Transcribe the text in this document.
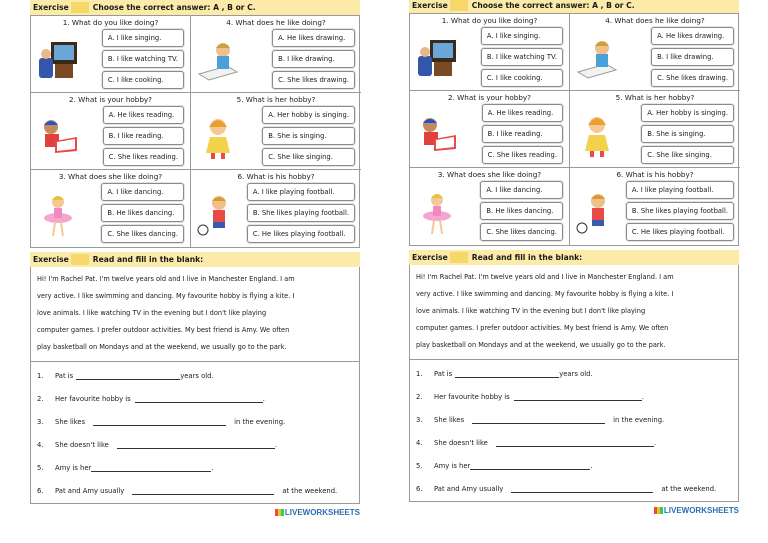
Exercise	Choose the correct answer: A , B or C.
1. What do you like doing?
A. I like singing.
B. I like watching TV.
C. I like cooking.
4. What does he like doing?
A. He likes drawing.
B. I like drawing.
C. She likes drawing.
2. What is your hobby?
A. He likes reading.
B. I like reading.
C. She likes reading.
5. What is her hobby?
A. Her hobby is singing.
B. She is singing.
C. She like singing.
3. What does she like doing?
A. I like dancing.
B. He likes dancing.
C. She likes dancing.
6. What is his hobby?
A. I like playing football.
B. She likes playing football.
C. He likes playing football.
Exercise	Read and fill in the blank:
Hi! I'm Rachel Pat. I'm twelve years old and I live in Manchester England. I am
very active. I like swimming and dancing. My favourite hobby is flying a kite. I
love animals. I like watching TV in the evening but I don't like playing
computer games. I prefer outdoor activities. My best friend is Amy. We often
play basketball on Mondays and at the weekend, we usually go to the park.
1.	Pat is	years old.
2.	Her favourite hobby is	.
3.	She likes	in the evening.
4.	She doesn't like	.
5.	Amy is her	.
6.	Pat and Amy usually	at the weekend.
LIVEWORKSHEETS
Exercise	Choose the correct answer: A , B or C.
1. What do you like doing?
A. I like singing.
B. I like watching TV.
C. I like cooking.
4. What does he like doing?
A. He likes drawing.
B. I like drawing.
C. She likes drawing.
2. What is your hobby?
A. He likes reading.
B. I like reading.
C. She likes reading.
5. What is her hobby?
A. Her hobby is singing.
B. She is singing.
C. She like singing.
3. What does she like doing?
A. I like dancing.
B. He likes dancing.
C. She likes dancing.
6. What is his hobby?
A. I like playing football.
B. She likes playing football.
C. He likes playing football.
Exercise	Read and fill in the blank:
Hi! I'm Rachel Pat. I'm twelve years old and I live in Manchester England. I am
very active. I like swimming and dancing. My favourite hobby is flying a kite. I
love animals. I like watching TV in the evening but I don't like playing
computer games. I prefer outdoor activities. My best friend is Amy. We often
play basketball on Mondays and at the weekend, we usually go to the park.
1.	Pat is	years old.
2.	Her favourite hobby is	.
3.	She likes	in the evening.
4.	She doesn't like	.
5.	Amy is her	.
6.	Pat and Amy usually	at the weekend.
LIVEWORKSHEETS
